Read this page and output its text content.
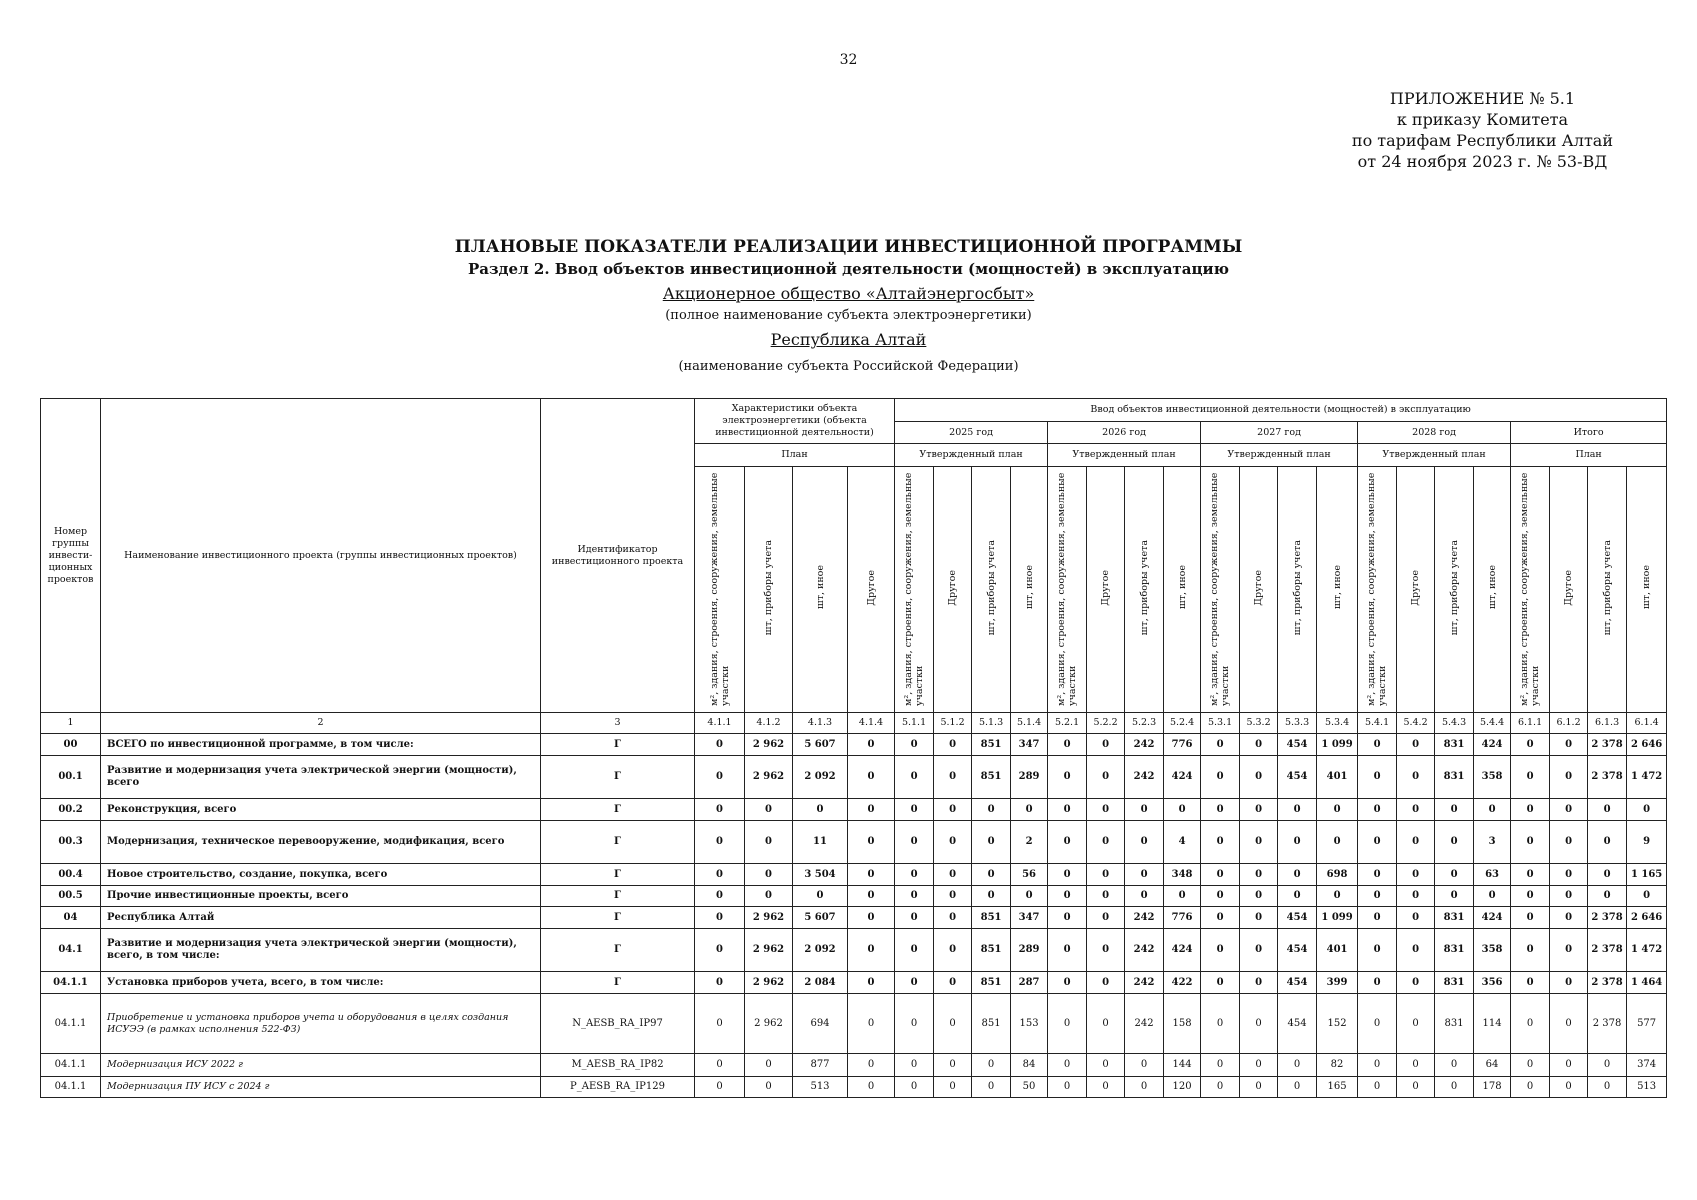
32
ПРИЛОЖЕНИЕ № 5.1
к приказу Комитета
по тарифам Республики Алтай
от 24 ноября 2023 г. № 53-ВД
ПЛАНОВЫЕ ПОКАЗАТЕЛИ РЕАЛИЗАЦИИ ИНВЕСТИЦИОННОЙ ПРОГРАММЫ
Раздел 2. Ввод объектов инвестиционной деятельности (мощностей) в эксплуатацию
Акционерное общество «Алтайэнергосбыт»
(полное наименование субъекта электроэнергетики)
Республика Алтай
(наименование субъекта Российской Федерации)
Номер группы инвести-ционных проектов	Наименование инвестиционного проекта (группы инвестиционных проектов)	Идентификатор инвестиционного проекта	Характеристики объекта электроэнергетики (объекта инвестиционной деятельности)				Ввод объектов инвестиционной деятельности (мощностей) в эксплуатацию																			
							2025 год				2026 год				2027 год				2028 год				Итого			
			План				Утвержденный план				Утвержденный план				Утвержденный план				Утвержденный план				План			
			м², здания, строения, сооружения, земельные участки	шт, приборы учета	шт, иное	Другое	м², здания, строения, сооружения, земельные участки	Другое	шт, приборы учета	шт, иное	м², здания, строения, сооружения, земельные участки	Другое	шт, приборы учета	шт, иное	м², здания, строения, сооружения, земельные участки	Другое	шт, приборы учета	шт, иное	м², здания, строения, сооружения, земельные участки	Другое	шт, приборы учета	шт, иное	м², здания, строения, сооружения, земельные участки	Другое	шт, приборы учета	шт, иное
1	2	3	4.1.1	4.1.2	4.1.3	4.1.4	5.1.1	5.1.2	5.1.3	5.1.4	5.2.1	5.2.2	5.2.3	5.2.4	5.3.1	5.3.2	5.3.3	5.3.4	5.4.1	5.4.2	5.4.3	5.4.4	6.1.1	6.1.2	6.1.3	6.1.4
00	ВСЕГО по инвестиционной программе, в том числе:	Г	0	2 962	5 607	0	0	0	851	347	0	0	242	776	0	0	454	1 099	0	0	831	424	0	0	2 378	2 646
00.1	Развитие и модернизация учета электрической энергии (мощности), всего	Г	0	2 962	2 092	0	0	0	851	289	0	0	242	424	0	0	454	401	0	0	831	358	0	0	2 378	1 472
00.2	Реконструкция, всего	Г	0	0	0	0	0	0	0	0	0	0	0	0	0	0	0	0	0	0	0	0	0	0	0	0
00.3	Модернизация, техническое перевооружение, модификация, всего	Г	0	0	11	0	0	0	0	2	0	0	0	4	0	0	0	0	0	0	0	3	0	0	0	9
00.4	Новое строительство, создание, покупка, всего	Г	0	0	3 504	0	0	0	0	56	0	0	0	348	0	0	0	698	0	0	0	63	0	0	0	1 165
00.5	Прочие инвестиционные проекты, всего	Г	0	0	0	0	0	0	0	0	0	0	0	0	0	0	0	0	0	0	0	0	0	0	0	0
04	Республика Алтай	Г	0	2 962	5 607	0	0	0	851	347	0	0	242	776	0	0	454	1 099	0	0	831	424	0	0	2 378	2 646
04.1	Развитие и модернизация учета электрической энергии (мощности), всего, в том числе:	Г	0	2 962	2 092	0	0	0	851	289	0	0	242	424	0	0	454	401	0	0	831	358	0	0	2 378	1 472
04.1.1	Установка приборов учета, всего, в том числе:	Г	0	2 962	2 084	0	0	0	851	287	0	0	242	422	0	0	454	399	0	0	831	356	0	0	2 378	1 464
04.1.1	Приобретение и установка приборов учета и оборудования в целях создания ИСУЭЭ (в рамках исполнения 522-ФЗ)	N_AESB_RA_IP97	0	2 962	694	0	0	0	851	153	0	0	242	158	0	0	454	152	0	0	831	114	0	0	2 378	577
04.1.1	Модернизация ИСУ 2022 г	M_AESB_RA_IP82	0	0	877	0	0	0	0	84	0	0	0	144	0	0	0	82	0	0	0	64	0	0	0	374
04.1.1	Модернизация ПУ ИСУ с 2024 г	P_AESB_RA_IP129	0	0	513	0	0	0	0	50	0	0	0	120	0	0	0	165	0	0	0	178	0	0	0	513
